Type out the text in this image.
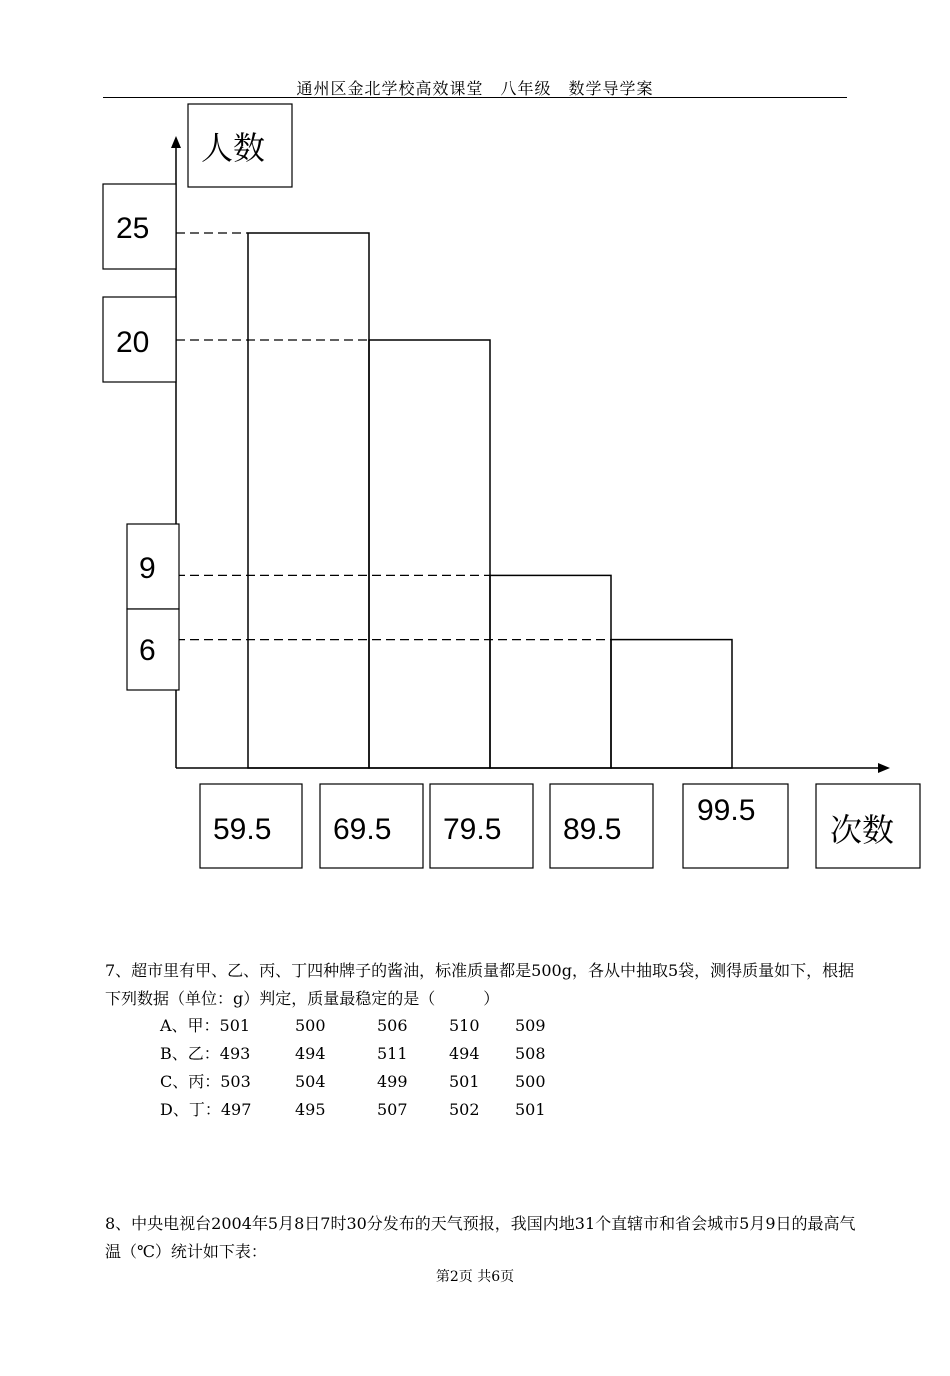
通州区金北学校高效课堂　八年级　数学导学案
25
20
9
6
59.5 69.5 79.5 89.5
99.5
人数
次数
7、超市里有甲、乙、丙、丁四种牌子的酱油，标准质量都是500g，各从中抽取5袋，测得质量如下，根据下列数据（单位：g）判定，质量最稳定的是（　　　）
A、甲：501	500	506	510 509
B、乙：493	494	511	494 508
C、丙：503	504	499	501 500
D、丁：497	495	507	502 501
8、中央电视台2004年5月8日7时30分发布的天气预报，我国内地31个直辖市和省会城市5月9日的最高气温（℃）统计如下表：
第2页 共6页
